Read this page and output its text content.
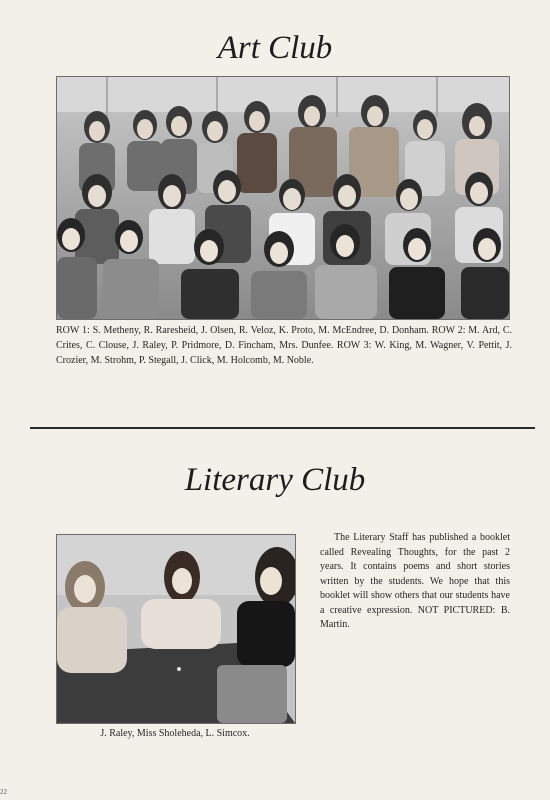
Art Club
ROW 1: S. Metheny, R. Raresheid, J. Olsen, R. Veloz, K. Proto, M. McEndree, D. Donham. ROW 2: M. Ard, C. Crites, C. Clouse, J. Raley, P. Pridmore, D. Fincham, Mrs. Dunfee. ROW 3: W. King, M. Wagner, V. Pettit, J. Crozier, M. Strohm, P. Stegall, J. Click, M. Holcomb, M. Noble.
Literary Club
The Literary Staff has published a booklet called Revealing Thoughts, for the past 2 years. It contains poems and short stories written by the students. We hope that this booklet will show others that our students have a creative expression. NOT PICTURED: B. Martin.
J. Raley, Miss Sholeheda, L. Simcox.
22
